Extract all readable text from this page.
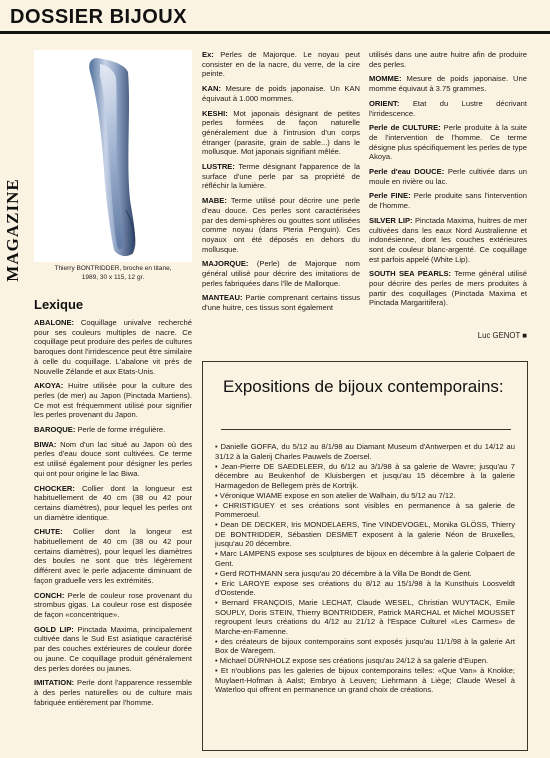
DOSSIER BIJOUX
MAGAZINE	Thierry BONTRIDDER, broche en titane,
1989, 30 x 115, 12 gr.
Lexique

ABALONE: Coquillage univalve recherché pour ses couleurs multiples de nacre. Ce coquillage peut produire des perles de cultures baroques dont l'irridescence peut être similaire à celle du coquillage. L'abalone vit près de Nouvelle Zélande et aux Etats-Unis.

AKOYA: Huitre utilisée pour la culture des perles (de mer) au Japon (Pinctada Martiens). Ce mot est fréquemment utilisé pour signifier les perles provenant du Japon.

BAROQUE: Perle de forme irrégulière.

BIWA: Nom d'un lac situé au Japon où des perles d'eau douce sont cultivées. Ce terme est utilisé également pour désigner les perles qui ont pour origine le lac Biwa.

CHOCKER: Collier dont la longueur est habituellement de 40 cm (38 ou 42 pour certains diamètres), pour lequel les perles ont un diamètre identique.

CHUTE: Collier dont la longeur est habituellement de 40 cm (38 ou 42 pour certains diamètres), pour lequel les diamètres des boules ne sont que très légèrement différent avec le perle adjacente diminuant de façon graduelle vers les extrémités.

CONCH: Perle de couleur rose provenant du strombus gigas. La couleur rose est disposée de façon «concentrique».

GOLD LIP: Pinctada Maxima, principalement cultivée dans le Sud Est asiatique caractérisé par des couches extérieures de couleur dorée ou jaune. Ce coquillage produit généralement des perles dorées ou jaunes.

IMITATION: Perle dont l'apparence ressemble à des perles naturelles ou de culture mais fabriquée entièrement par l'homme.

Ex: Perles de Majorque. Le noyau peut consister en de la nacre, du verre, de la cire peinte.

KAN: Mesure de poids japonaise. Un KAN équivaut à 1.000 mommes.

KESHI: Mot japonais désignant de petites perles formées de façon naturelle généralement due à l'intrusion d'un corps étranger (parasite, grain de sable...) dans le mollusque. Mot japonais signifiant mêlée.

LUSTRE: Terme désignant l'apparence de la surface d'une perle par sa propriété de réfléchir la lumière.

MABE: Terme utilisé pour décrire une perle d'eau douce. Ces perles sont caractérisées par des demi-sphères ou gouttes sont utilisées comme noyau (dans Pteria Penguin). Ces noyaux ont été déposés en dehors du mollusque.

MAJORQUE: (Perle) de Majorque nom général utilisé pour décrire des imitations de perles fabriquées dans l'île de Mallorque.

MANTEAU: Partie comprenant certains tissus d'une huitre, ces tissus sont également

utilisés dans une autre huitre afin de produire des perles.

MOMME: Mesure de poids japonaise. Une momme équivaut à 3.75 grammes.

ORIENT: Etat du Lustre décrivant l'irridescence.

Perle de CULTURE: Perle produite à la suite de l'intervention de l'homme. Ce terme désigne plus spécifiquement les perles de type Akoya.

Perle d'eau DOUCE: Perle cultivée dans un moule en rivière ou lac.

Perle FINE: Perle produite sans l'intervention de l'homme.

SILVER LIP: Pinctada Maxima, huitres de mer cultivées dans les eaux Nord Australienne et indonésienne, dont les couches extérieures sont de couleur blanc-argenté. Ce coquillage est parfois appelé (White Lip).

SOUTH SEA PEARLS: Terme général utilisé pour décrire des perles de mers produites à partir des coquillages (Pinctada Maxima et Pinctada Margaritifera).

Luc GENOT ■
Expositions de bijoux contemporains:
• Danielle GOFFA, du 5/12 au 8/1/98 au Diamant Museum d'Antwerpen et du 14/12 au 31/12 à la Galerij Charles Pauwels de Zoersel.
• Jean-Pierre DE SAEDELEER, du 6/12 au 3/1/98 à sa galerie de Wavre; jusqu'au 7 décembre au Beukenhof de Kluisbergen et jusqu'au 15 décembre à la galerie Harmagedon de Bellegem près de Kortrijk.
• Véronique WIAME expose en son atelier de Walhain, du 5/12 au 7/12.
• CHRISTIGUEY et ses créations sont visibles en permanence à sa galerie de Pommeroeul.
• Dean DE DECKER, Iris MONDELAERS, Tine VINDEVOGEL, Monika GLÖSS, Thierry DE BONTRIDDER, Sébastien DESMET exposent à la galerie Néon de Bruxelles, jusqu'au 20 décembre.
• Marc LAMPENS expose ses sculptures de bijoux en décembre à la galerie Colpaert de Gent.
• Gerd ROTHMANN sera jusqu'au 20 décembre à la Villa De Bondt de Gent.
• Eric LAROYE expose ses créations du 8/12 au 15/1/98 à la Kunsthuis Loosveldt d'Oostende.
• Bernard FRANÇOIS, Marie LECHAT, Claude WESEL, Christian WUYTACK, Emile SOUPLY, Doris STEIN, Thierry BONTRIDDER, Patrick MARCHAL et Michel MOUSSET regroupent leurs créations du 4/12 au 21/12 à l'Espace Culturel «Les Carmes» de Marche-en-Famenne.
• des créateurs de bijoux contemporains sont exposés jusqu'au 11/1/98 à la galerie Art Box de Waregem.
• Michael DÜRNHOLZ expose ses créations jusqu'au 24/12 à sa galerie d'Eupen.
• Et n'oublions pas les galeries de bijoux contemporains telles: «Que Van» à Knokke; Muylaert-Hofman à Aalst; Embryo à Leuven; Liehrmann à Liège; Claude Wesel à Waterloo qui offrent en permanence un grand choix de créations.
